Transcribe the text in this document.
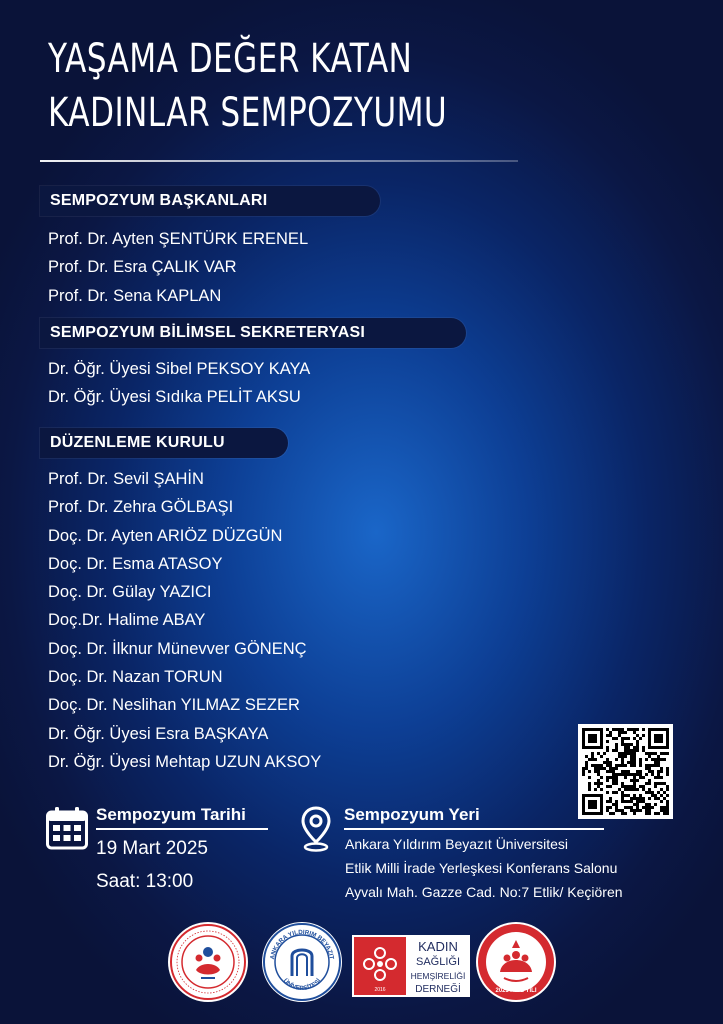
YAŞAMA DEĞER KATAN
KADINLAR SEMPOZYUMU
SEMPOZYUM BAŞKANLARI
Prof. Dr. Ayten ŞENTÜRK ERENEL
Prof. Dr. Esra ÇALIK VAR
Prof. Dr. Sena KAPLAN
SEMPOZYUM BİLİMSEL SEKRETERYASI
Dr. Öğr. Üyesi Sibel PEKSOY KAYA
Dr. Öğr. Üyesi Sıdıka PELİT AKSU
DÜZENLEME KURULU
Prof. Dr. Sevil ŞAHİN
Prof. Dr. Zehra GÖLBAŞI
Doç. Dr. Ayten ARIÖZ DÜZGÜN
Doç. Dr. Esma ATASOY
Doç. Dr. Gülay YAZICI
Doç.Dr. Halime ABAY
Doç. Dr. İlknur Münevver GÖNENÇ
Doç. Dr. Nazan TORUN
Doç. Dr. Neslihan YILMAZ SEZER
Dr. Öğr. Üyesi Esra BAŞKAYA
Dr. Öğr. Üyesi Mehtap UZUN AKSOY
Sempozyum Tarihi
19 Mart 2025
Saat: 13:00
Sempozyum Yeri
Ankara Yıldırım Beyazıt Üniversitesi
Etlik Milli İrade Yerleşkesi Konferans Salonu
Ayvalı Mah. Gazze Cad. No:7 Etlik/ Keçiören
ANKARA YILDIRIM BEYAZIT
ÜNİVERSİTESİ
2016
KADIN
SAĞLIĞI
HEMŞİRELİĞİ
DERNEĞİ	2025 AİLE YILI
